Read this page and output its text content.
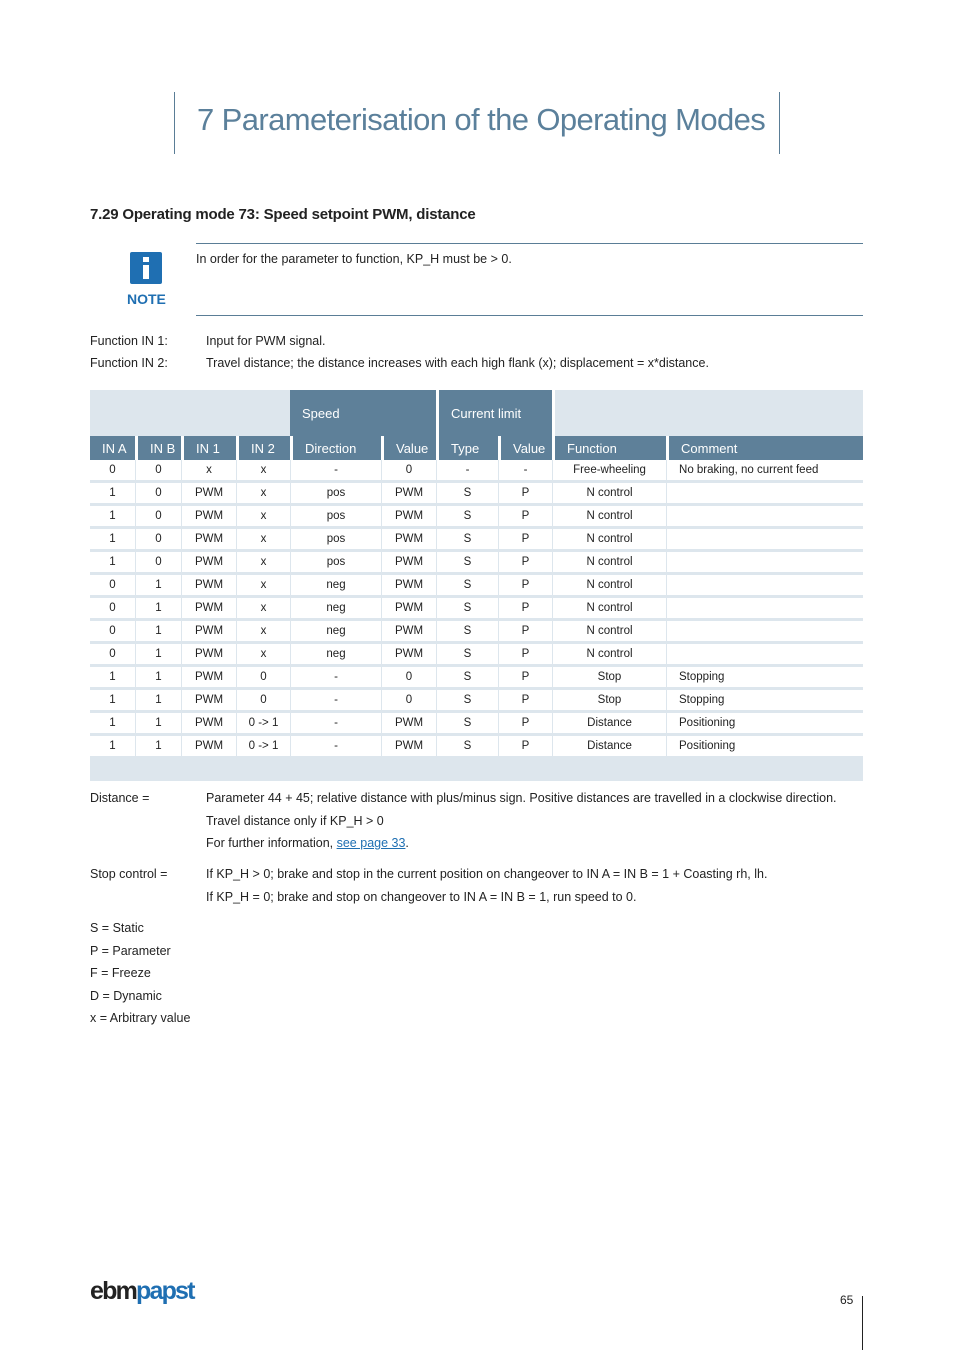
7 Parameterisation of the Operating Modes
7.29 Operating mode 73: Speed setpoint PWM, distance
NOTE
In order for the parameter to function, KP_H must be > 0.
Function IN 1:	Input for PWM signal.
Function IN 2:	Travel distance; the distance increases with each high flank (x); displacement = x*distance.
				Speed		Current limit			
IN A	IN B	IN 1	IN 2	Direction	Value	Type	Value	Function	Comment
0	0	x	x	-	0	-	-	Free-wheeling	No braking, no current feed
1	0	PWM	x	pos	PWM	S	P	N control	
1	0	PWM	x	pos	PWM	S	P	N control	
1	0	PWM	x	pos	PWM	S	P	N control	
1	0	PWM	x	pos	PWM	S	P	N control	
0	1	PWM	x	neg	PWM	S	P	N control	
0	1	PWM	x	neg	PWM	S	P	N control	
0	1	PWM	x	neg	PWM	S	P	N control	
0	1	PWM	x	neg	PWM	S	P	N control	
1	1	PWM	0	-	0	S	P	Stop	Stopping
1	1	PWM	0	-	0	S	P	Stop	Stopping
1	1	PWM	0 -> 1	-	PWM	S	P	Distance	Positioning
1	1	PWM	0 -> 1	-	PWM	S	P	Distance	Positioning
Distance =	Parameter 44 + 45; relative distance with plus/minus sign. Positive distances are travelled in a clockwise direction.
Travel distance only if KP_H > 0
For further information, see page 33.
Stop control =	If KP_H > 0; brake and stop in the current position on changeover to IN A = IN B = 1 + Coasting rh, lh.
If KP_H = 0; brake and stop on changeover to IN A = IN B = 1, run speed to 0.
S = Static
P = Parameter
F = Freeze
D = Dynamic
x = Arbitrary value
ebmpapst	65
